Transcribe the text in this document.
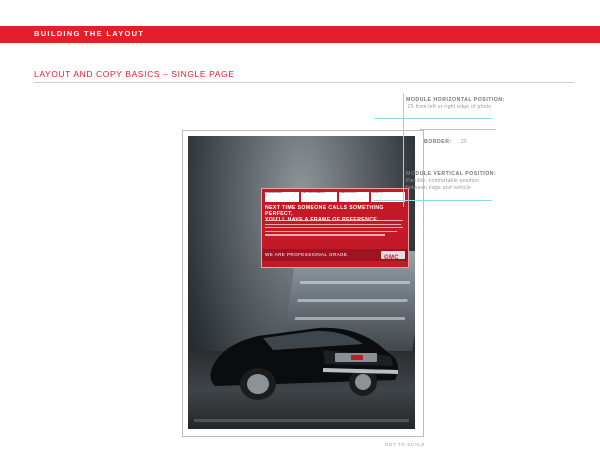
BUILDING THE LAYOUT
LAYOUT AND COPY BASICS – SINGLE PAGE
ACADIA DENALI	GMC PERFORMANCE	SEATING FOR 8	288 HP V6
NEXT TIME SOMEONE CALLS SOMETHING PERFECT,
WE ARE PROFESSIONAL GRADE.
GMC
MODULE HORIZONTAL POSITION:
.25 from left or right edge of photo
BORDER: .25
MODULE VERTICAL POSITION:
Flexible; comfortable position
between edge and vehicle
NOT TO SCALE
